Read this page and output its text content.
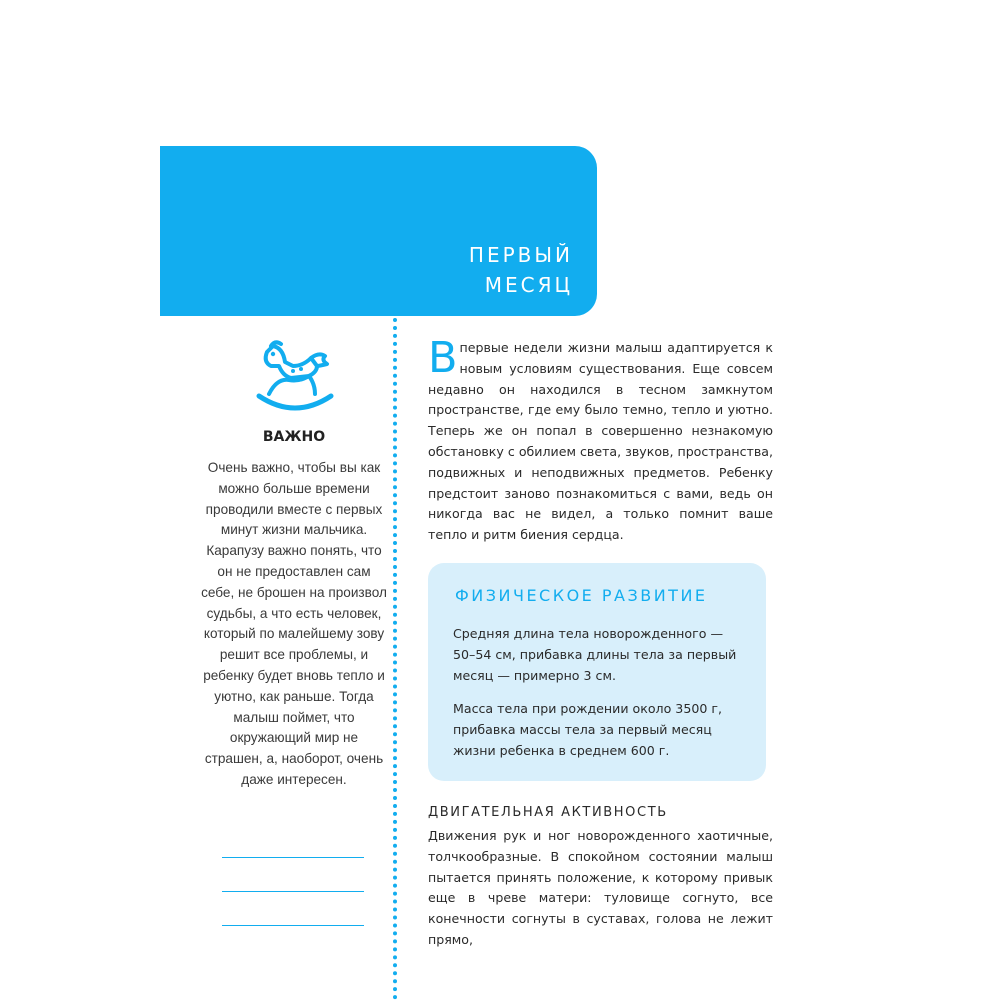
ПЕРВЫЙ
МЕСЯЦ
ВАЖНО

Очень важно, чтобы вы как можно больше времени проводили вместе с первых минут жизни мальчика. Карапузу важно понять, что он не предоставлен сам себе, не брошен на произвол судьбы, а что есть человек, который по малейшему зову решит все проблемы, и ребенку будет вновь тепло и уютно, как раньше. Тогда малыш поймет, что окружающий мир не страшен, а, наоборот, очень даже интересен.

В первые недели жизни малыш адаптируется к новым условиям существования. Еще совсем недавно он находился в тесном замкнутом пространстве, где ему было темно, тепло и уютно. Теперь же он попал в совершенно незнакомую обстановку с обилием света, звуков, пространства, подвижных и неподвижных предметов. Ребенку предстоит заново познакомиться с вами, ведь он никогда вас не видел, а только помнит ваше тепло и ритм биения сердца.

ФИЗИЧЕСКОЕ РАЗВИТИЕ

Средняя длина тела новорожденного — 50–54 см, прибавка длины тела за первый месяц — примерно 3 см.

Масса тела при рождении около 3500 г, прибавка массы тела за первый месяц жизни ребенка в среднем 600 г.

ДВИГАТЕЛЬНАЯ АКТИВНОСТЬ

Движения рук и ног новорожденного хаотичные, толчкообразные. В спокойном состоянии малыш пытается принять положение, к которому привык еще в чреве матери: туловище согнуто, все конечности согнуты в суставах, голова не лежит прямо,
